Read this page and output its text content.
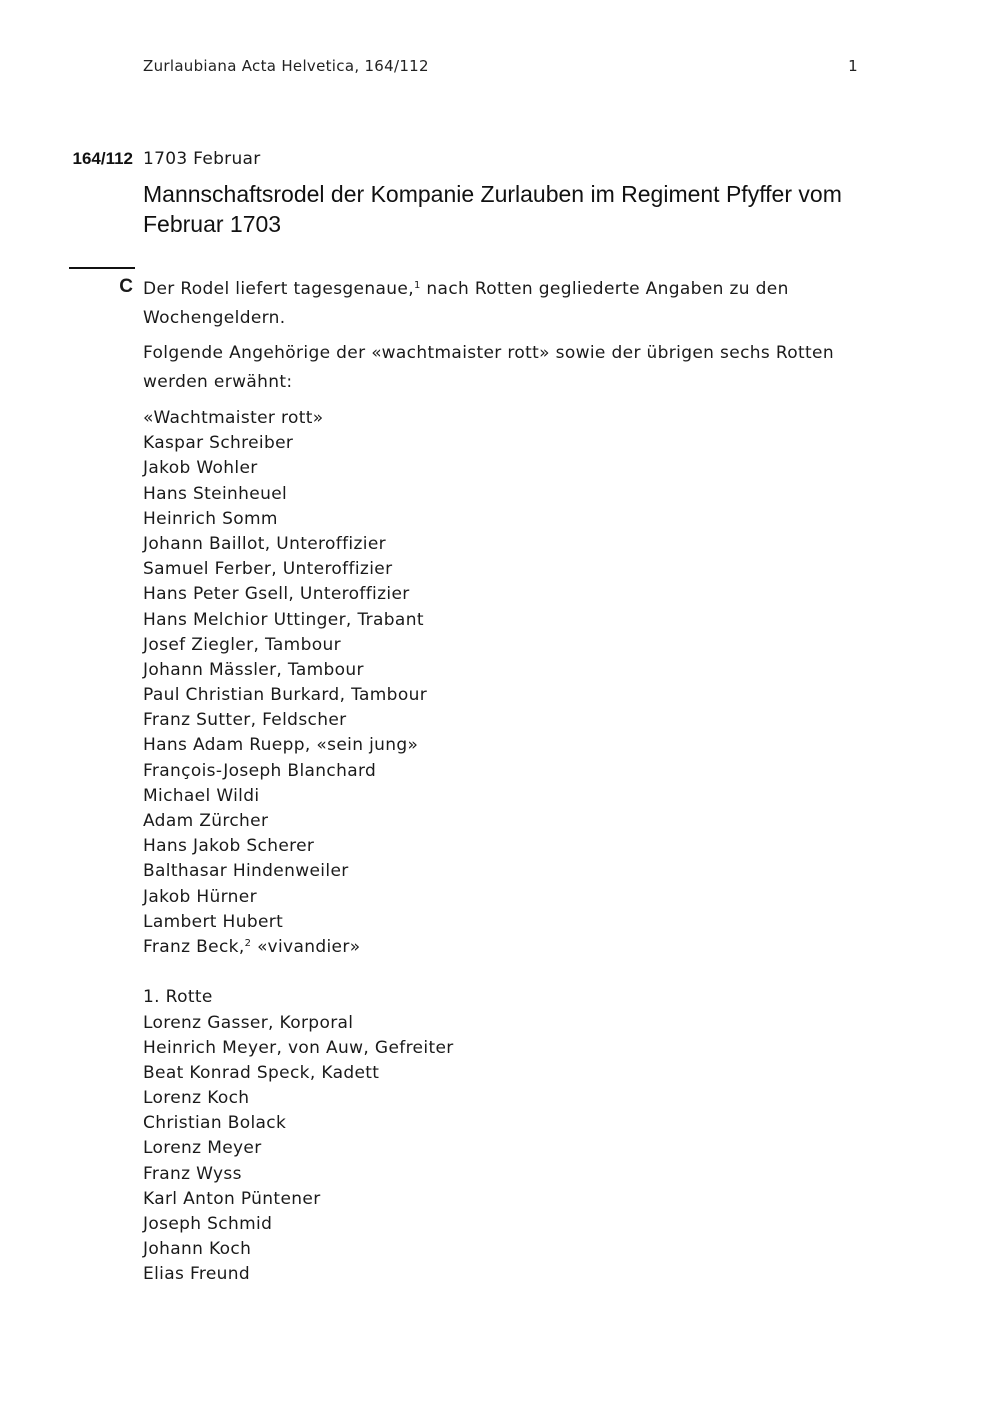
Zurlaubiana Acta Helvetica, 164/112	1
164/112 1703 Februar
Mannschaftsrodel der Kompanie Zurlauben im Regiment Pfyffer vom Februar 1703
C Der Rodel liefert tagesgenaue,$^1$ nach Rotten gegliederte Angaben zu den Wochengeldern.

Folgende Angehörige der «wachtmaister rott» sowie der übrigen sechs Rotten werden erwähnt:

«Wachtmaister rott»
Kaspar Schreiber
Jakob Wohler
Hans Steinheuel
Heinrich Somm
Johann Baillot, Unteroffizier
Samuel Ferber, Unteroffizier
Hans Peter Gsell, Unteroffizier
Hans Melchior Uttinger, Trabant
Josef Ziegler, Tambour
Johann Mässler, Tambour
Paul Christian Burkard, Tambour
Franz Sutter, Feldscher
Hans Adam Ruepp, «sein jung»
François-Joseph Blanchard
Michael Wildi
Adam Zürcher
Hans Jakob Scherer
Balthasar Hindenweiler
Jakob Hürner
Lambert Hubert
Franz Beck,$^2$ «vivandier»
1. Rotte
Lorenz Gasser, Korporal
Heinrich Meyer, von Auw, Gefreiter
Beat Konrad Speck, Kadett
Lorenz Koch
Christian Bolack
Lorenz Meyer
Franz Wyss
Karl Anton Püntener
Joseph Schmid
Johann Koch
Elias Freund
